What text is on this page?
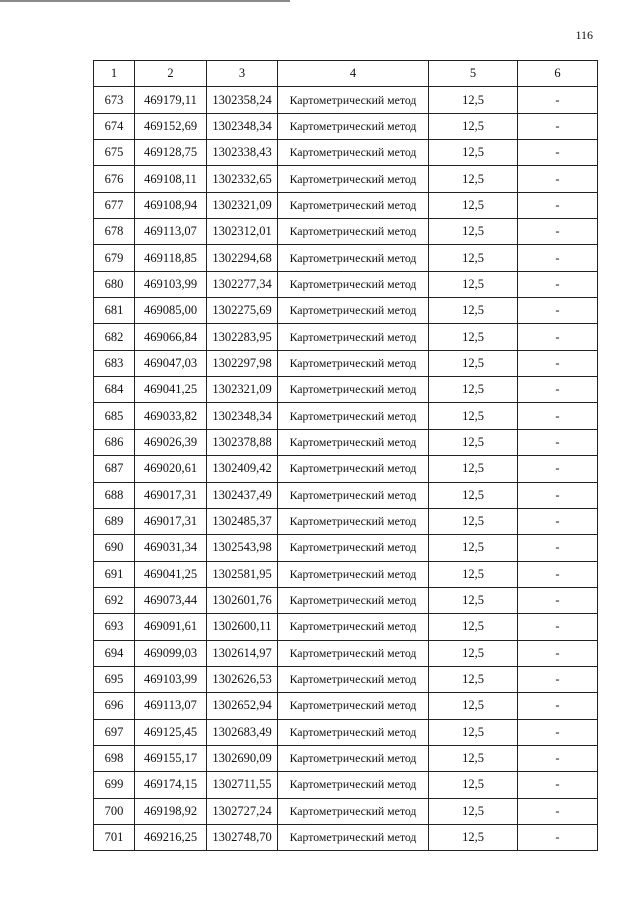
116
1	2	3	4	5	6
673	469179,11	1302358,24	Картометрический метод	12,5	-
674	469152,69	1302348,34	Картометрический метод	12,5	-
675	469128,75	1302338,43	Картометрический метод	12,5	-
676	469108,11	1302332,65	Картометрический метод	12,5	-
677	469108,94	1302321,09	Картометрический метод	12,5	-
678	469113,07	1302312,01	Картометрический метод	12,5	-
679	469118,85	1302294,68	Картометрический метод	12,5	-
680	469103,99	1302277,34	Картометрический метод	12,5	-
681	469085,00	1302275,69	Картометрический метод	12,5	-
682	469066,84	1302283,95	Картометрический метод	12,5	-
683	469047,03	1302297,98	Картометрический метод	12,5	-
684	469041,25	1302321,09	Картометрический метод	12,5	-
685	469033,82	1302348,34	Картометрический метод	12,5	-
686	469026,39	1302378,88	Картометрический метод	12,5	-
687	469020,61	1302409,42	Картометрический метод	12,5	-
688	469017,31	1302437,49	Картометрический метод	12,5	-
689	469017,31	1302485,37	Картометрический метод	12,5	-
690	469031,34	1302543,98	Картометрический метод	12,5	-
691	469041,25	1302581,95	Картометрический метод	12,5	-
692	469073,44	1302601,76	Картометрический метод	12,5	-
693	469091,61	1302600,11	Картометрический метод	12,5	-
694	469099,03	1302614,97	Картометрический метод	12,5	-
695	469103,99	1302626,53	Картометрический метод	12,5	-
696	469113,07	1302652,94	Картометрический метод	12,5	-
697	469125,45	1302683,49	Картометрический метод	12,5	-
698	469155,17	1302690,09	Картометрический метод	12,5	-
699	469174,15	1302711,55	Картометрический метод	12,5	-
700	469198,92	1302727,24	Картометрический метод	12,5	-
701	469216,25	1302748,70	Картометрический метод	12,5	-
